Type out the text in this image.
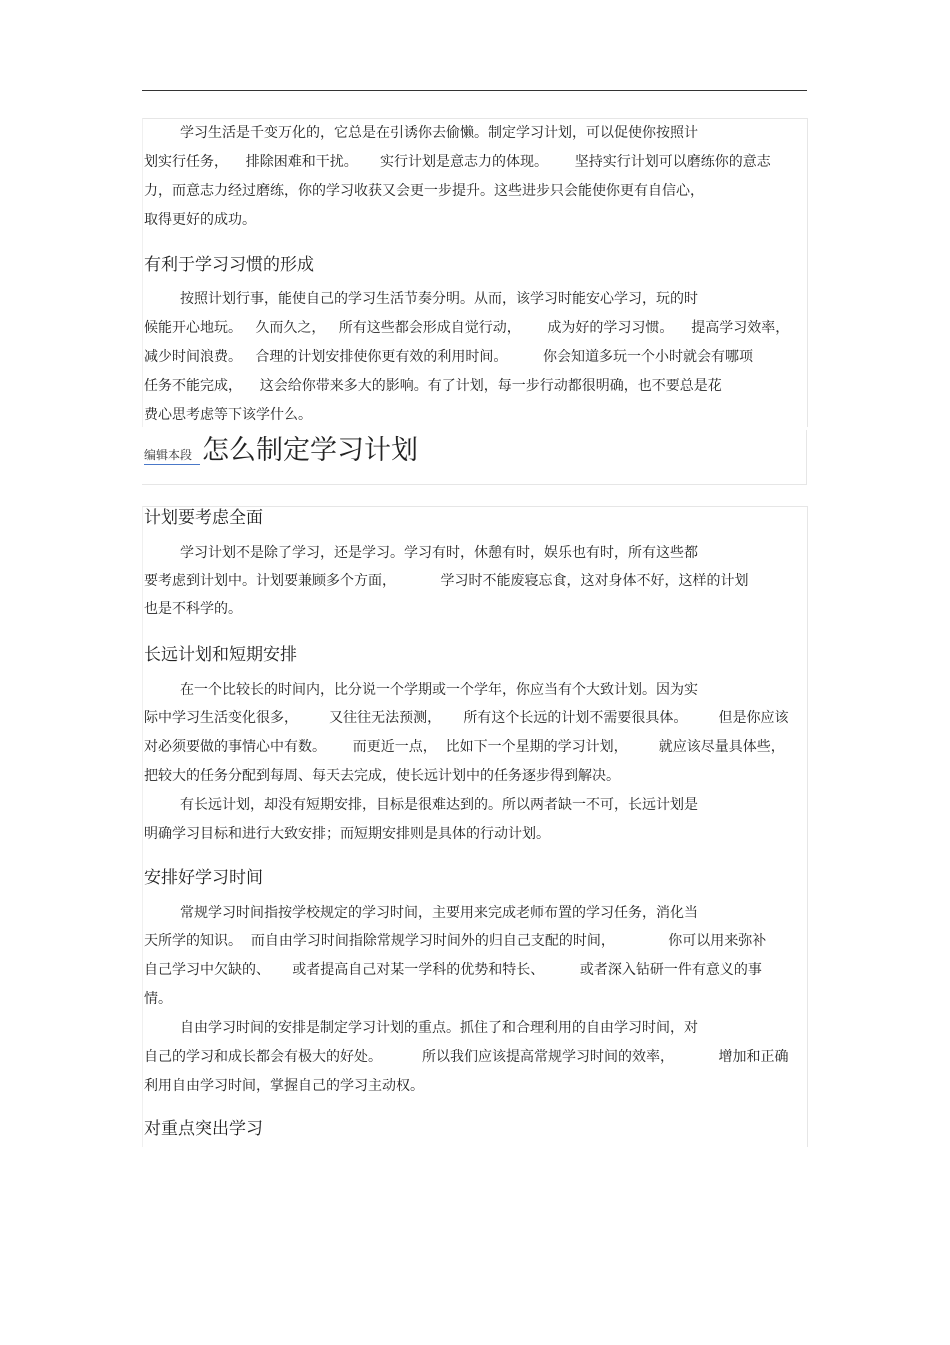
学习生活是千变万化的，它总是在引诱你去偷懒。制定学习计划，可以促使你按照计
划实行任务，    排除困难和干扰。     实行计划是意志力的体现。      坚持实行计划可以磨练你的意志
力，而意志力经过磨练，你的学习收获又会更一步提升。这些进步只会能使你更有自信心，
取得更好的成功。
有利于学习习惯的形成
按照计划行事，能使自己的学习生活节奏分明。从而，该学习时能安心学习，玩的时
候能开心地玩。   久而久之，   所有这些都会形成自觉行动，      成为好的学习习惯。    提高学习效率，
减少时间浪费。   合理的计划安排使你更有效的利用时间。        你会知道多玩一个小时就会有哪项
任务不能完成，    这会给你带来多大的影响。有了计划，每一步行动都很明确，也不要总是花
费心思考虑等下该学什么。
编辑本段 怎么制定学习计划
计划要考虑全面
学习计划不是除了学习，还是学习。学习有时，休憩有时，娱乐也有时，所有这些都
要考虑到计划中。计划要兼顾多个方面，          学习时不能废寝忘食，这对身体不好，这样的计划
也是不科学的。
长远计划和短期安排
在一个比较长的时间内，比分说一个学期或一个学年，你应当有个大致计划。因为实
际中学习生活变化很多，       又往往无法预测，     所有这个长远的计划不需要很具体。       但是你应该
对必须要做的事情心中有数。      而更近一点，  比如下一个星期的学习计划，       就应该尽量具体些，
把较大的任务分配到每周、每天去完成，使长远计划中的任务逐步得到解决。
有长远计划，却没有短期安排，目标是很难达到的。所以两者缺一不可，长远计划是
明确学习目标和进行大致安排；而短期安排则是具体的行动计划。
安排好学习时间
常规学习时间指按学校规定的学习时间，主要用来完成老师布置的学习任务，消化当
天所学的知识。  而自由学习时间指除常规学习时间外的归自己支配的时间，            你可以用来弥补
自己学习中欠缺的、     或者提高自己对某一学科的优势和特长、        或者深入钻研一件有意义的事
情。
自由学习时间的安排是制定学习计划的重点。抓住了和合理利用的自由学习时间，对
自己的学习和成长都会有极大的好处。         所以我们应该提高常规学习时间的效率，          增加和正确
利用自由学习时间，掌握自己的学习主动权。
对重点突出学习
